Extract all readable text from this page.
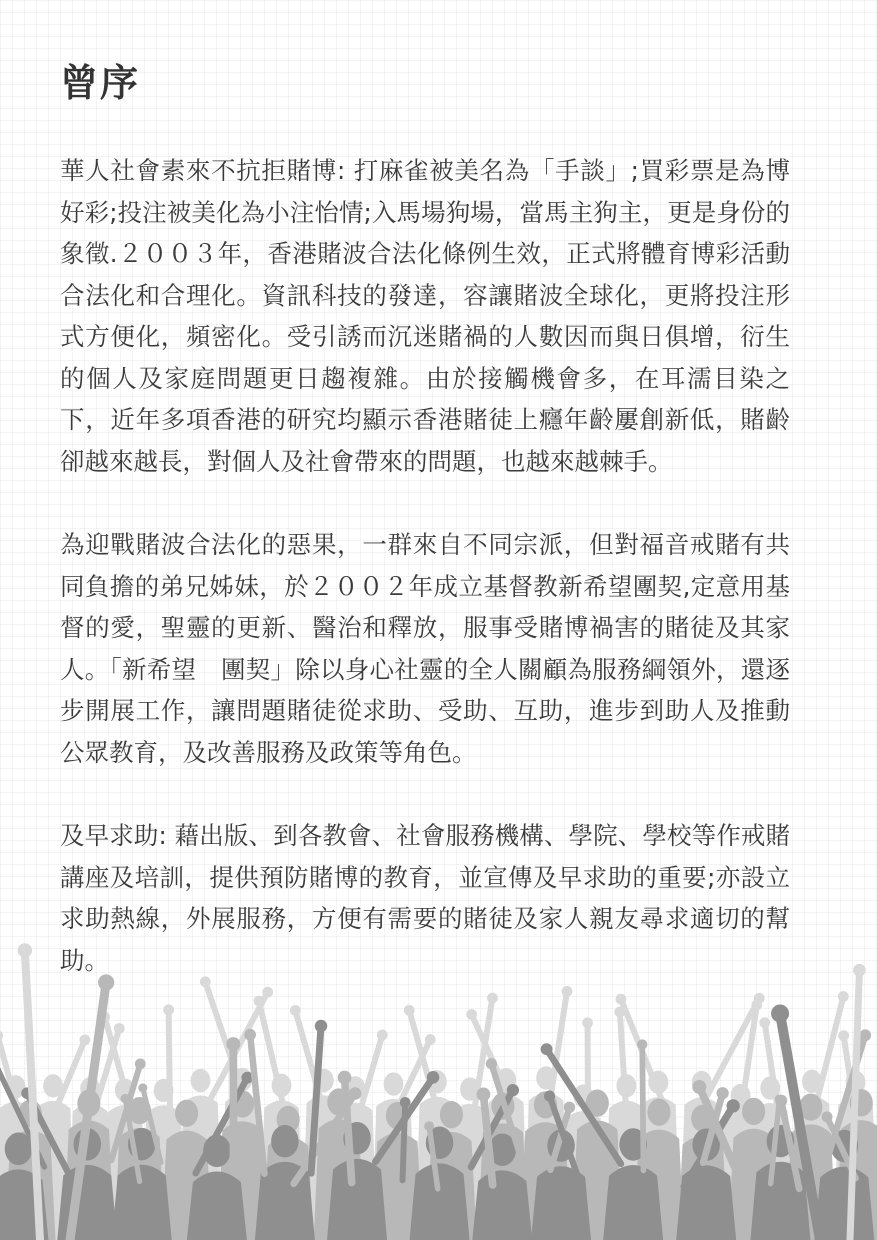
曾序

華人社會素來不抗拒賭博: 打麻雀被美名為「手談」;買彩票是為博好彩;投注被美化為小注怡情;入馬場狗場，當馬主狗主，更是身份的象徵.２００３年，香港賭波合法化條例生效，正式將體育博彩活動合法化和合理化。資訊科技的發達，容讓賭波全球化，更將投注形式方便化，頻密化。受引誘而沉迷賭禍的人數因而與日俱增，衍生的個人及家庭問題更日趨複雜。由於接觸機會多，在耳濡目染之下，近年多項香港的研究均顯示香港賭徒上癮年齡屢創新低，賭齡卻越來越長，對個人及社會帶來的問題，也越來越棘手。

為迎戰賭波合法化的惡果，一群來自不同宗派，但對福音戒賭有共同負擔的弟兄姊妹，於２００２年成立基督教新希望團契,定意用基督的愛，聖靈的更新、醫治和釋放，服事受賭博禍害的賭徒及其家人。「新希望　團契」除以身心社靈的全人關顧為服務綱領外，還逐步開展工作，讓問題賭徒從求助、受助、互助，進步到助人及推動公眾教育，及改善服務及政策等角色。

及早求助: 藉出版、到各教會、社會服務機構、學院、學校等作戒賭講座及培訓，提供預防賭博的教育，並宣傳及早求助的重要;亦設立求助熱線，外展服務，方便有需要的賭徒及家人親友尋求適切的幫助。
